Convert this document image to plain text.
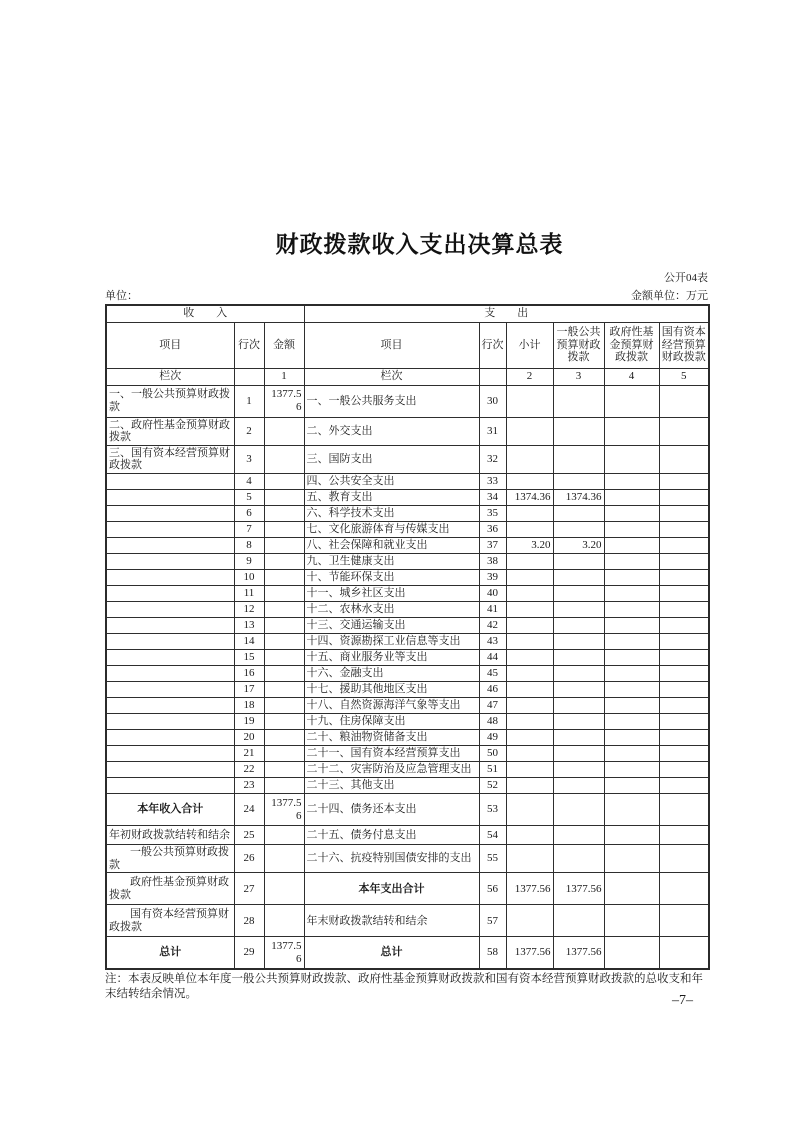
财政拨款收入支出决算总表
公开04表
单位：	金额单位：万元
收　　入			支　　出					
项目	行次	金额	项目	行次	小计	一般公共预算财政拨款	政府性基金预算财政拨款	国有资本经营预算财政拨款
栏次		1	栏次		2	3	4	5
一、一般公共预算财政拨款	1	1377.56	一、一般公共服务支出	30				
二、政府性基金预算财政拨款	2		二、外交支出	31				
三、国有资本经营预算财政拨款	3		三、国防支出	32				
	4		四、公共安全支出	33				
	5		五、教育支出	34	1374.36	1374.36		
	6		六、科学技术支出	35				
	7		七、文化旅游体育与传媒支出	36				
	8		八、社会保障和就业支出	37	3.20	3.20		
	9		九、卫生健康支出	38				
	10		十、节能环保支出	39				
	11		十一、城乡社区支出	40				
	12		十二、农林水支出	41				
	13		十三、交通运输支出	42				
	14		十四、资源勘探工业信息等支出	43				
	15		十五、商业服务业等支出	44				
	16		十六、金融支出	45				
	17		十七、援助其他地区支出	46				
	18		十八、自然资源海洋气象等支出	47				
	19		十九、住房保障支出	48				
	20		二十、粮油物资储备支出	49				
	21		二十一、国有资本经营预算支出	50				
	22		二十二、灾害防治及应急管理支出	51				
	23		二十三、其他支出	52				
本年收入合计	24	1377.56	二十四、债务还本支出	53				
年初财政拨款结转和结余	25		二十五、债务付息支出	54				
一般公共预算财政拨款	26		二十六、抗疫特别国债安排的支出	55				
政府性基金预算财政拨款	27		本年支出合计	56	1377.56	1377.56		
国有资本经营预算财政拨款	28		年末财政拨款结转和结余	57				
总计	29	1377.56	总计	58	1377.56	1377.56		
注：本表反映单位本年度一般公共预算财政拨款、政府性基金预算财政拨款和国有资本经营预算财政拨款的总收支和年末结转结余情况。	–7–
